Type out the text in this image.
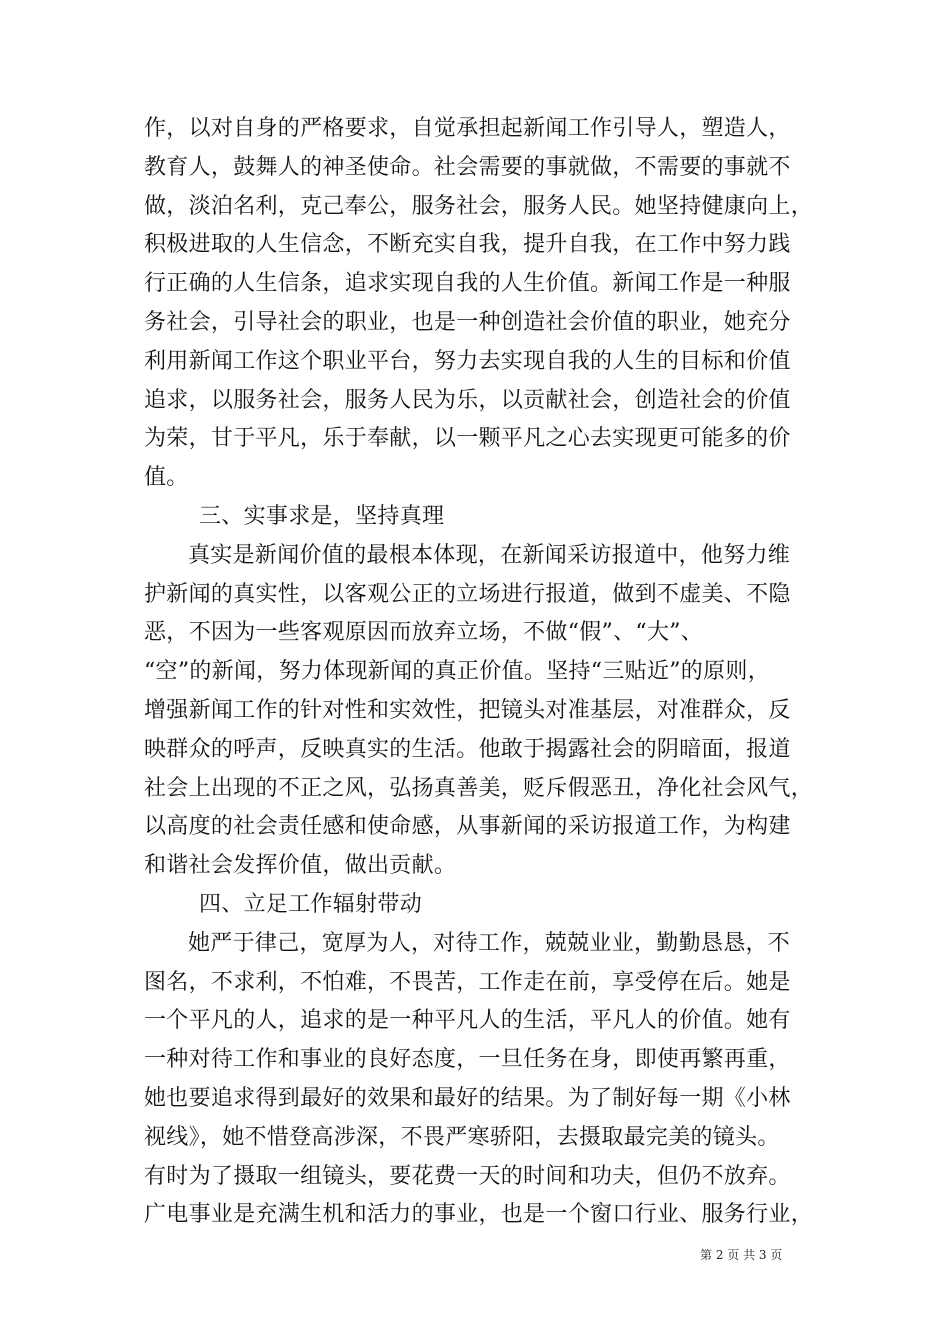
作，以对自身的严格要求，自觉承担起新闻工作引导人，塑造人，
教育人，鼓舞人的神圣使命。社会需要的事就做，不需要的事就不
做，淡泊名利，克己奉公，服务社会，服务人民。她坚持健康向上，
积极进取的人生信念，不断充实自我，提升自我，在工作中努力践
行正确的人生信条，追求实现自我的人生价值。新闻工作是一种服
务社会，引导社会的职业，也是一种创造社会价值的职业，她充分
利用新闻工作这个职业平台，努力去实现自我的人生的目标和价值
追求，以服务社会，服务人民为乐，以贡献社会，创造社会的价值
为荣，甘于平凡，乐于奉献，以一颗平凡之心去实现更可能多的价
值。
三、实事求是，坚持真理
真实是新闻价值的最根本体现，在新闻采访报道中，他努力维
护新闻的真实性，以客观公正的立场进行报道，做到不虚美、不隐
恶，不因为一些客观原因而放弃立场，不做“假”、“大”、
“空”的新闻，努力体现新闻的真正价值。坚持“三贴近”的原则，
增强新闻工作的针对性和实效性，把镜头对准基层，对准群众，反
映群众的呼声，反映真实的生活。他敢于揭露社会的阴暗面，报道
社会上出现的不正之风，弘扬真善美，贬斥假恶丑，净化社会风气，
以高度的社会责任感和使命感，从事新闻的采访报道工作，为构建
和谐社会发挥价值，做出贡献。
四、立足工作辐射带动
她严于律己，宽厚为人，对待工作，兢兢业业，勤勤恳恳，不
图名，不求利，不怕难，不畏苦，工作走在前，享受停在后。她是
一个平凡的人，追求的是一种平凡人的生活，平凡人的价值。她有
一种对待工作和事业的良好态度，一旦任务在身，即使再繁再重，
她也要追求得到最好的效果和最好的结果。为了制好每一期《小林
视线》，她不惜登高涉深，不畏严寒骄阳，去摄取最完美的镜头。
有时为了摄取一组镜头，要花费一天的时间和功夫，但仍不放弃。
广电事业是充满生机和活力的事业，也是一个窗口行业、服务行业，
第 2 页 共 3 页
